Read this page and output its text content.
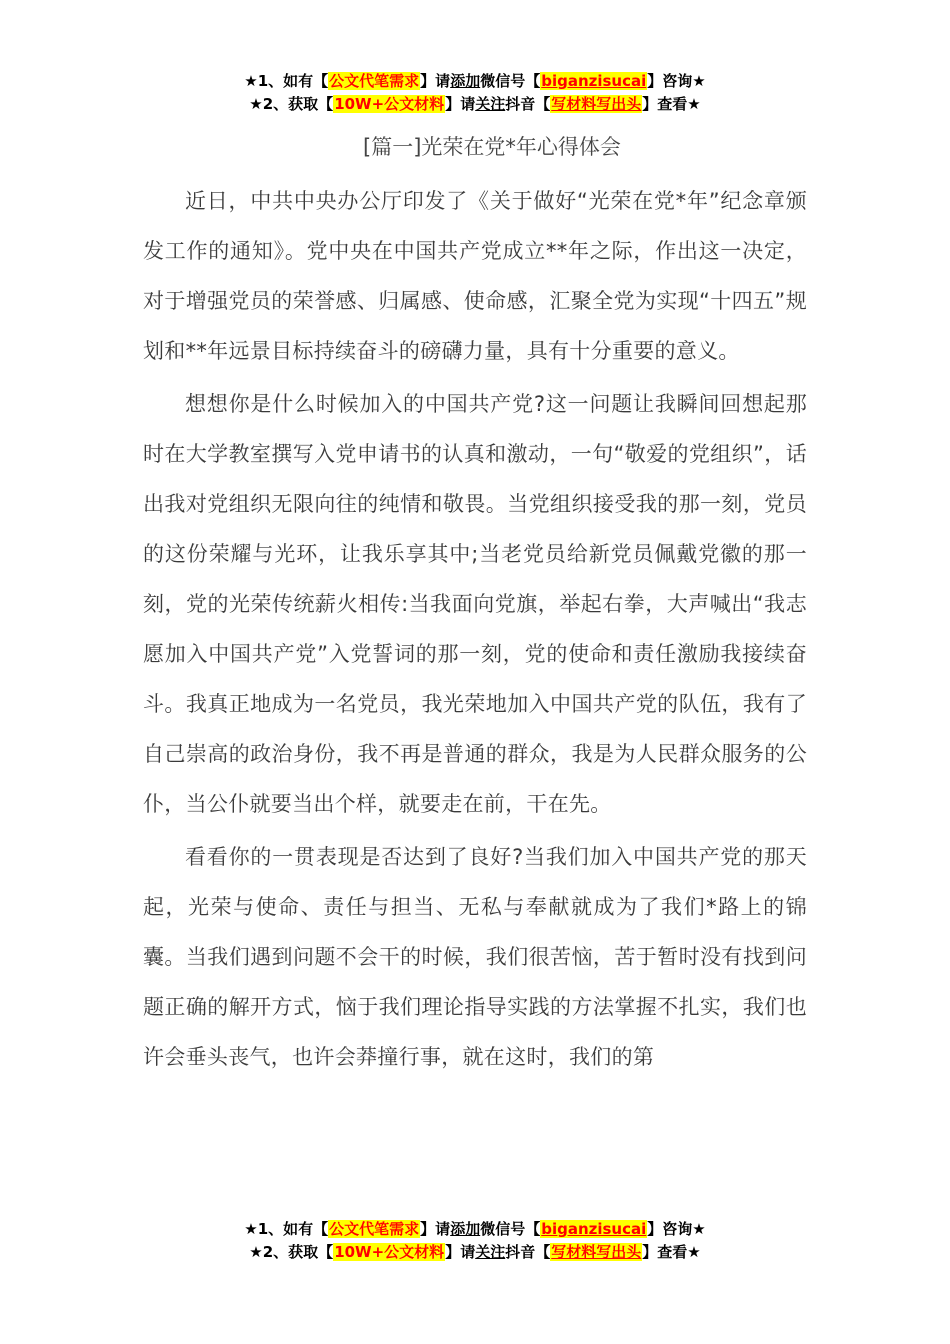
★1、如有【公文代笔需求】请添加微信号【biganzisucai】咨询★
★2、获取【10W+公文材料】请关注抖音【写材料写出头】查看★
[篇一]光荣在党*年心得体会

近日，中共中央办公厅印发了《关于做好“光荣在党*年”纪念章颁发工作的通知》。党中央在中国共产党成立**年之际，作出这一决定，对于增强党员的荣誉感、归属感、使命感，汇聚全党为实现“十四五”规划和**年远景目标持续奋斗的磅礴力量，具有十分重要的意义。

想想你是什么时候加入的中国共产党?这一问题让我瞬间回想起那时在大学教室撰写入党申请书的认真和激动，一句“敬爱的党组织”，话出我对党组织无限向往的纯情和敬畏。当党组织接受我的那一刻，党员的这份荣耀与光环，让我乐享其中;当老党员给新党员佩戴党徽的那一刻，党的光荣传统薪火相传:当我面向党旗，举起右拳，大声喊出“我志愿加入中国共产党”入党誓词的那一刻，党的使命和责任激励我接续奋斗。我真正地成为一名党员，我光荣地加入中国共产党的队伍，我有了自己崇高的政治身份，我不再是普通的群众，我是为人民群众服务的公仆，当公仆就要当出个样，就要走在前，干在先。

看看你的一贯表现是否达到了良好?当我们加入中国共产党的那天起，光荣与使命、责任与担当、无私与奉献就成为了我们*路上的锦囊。当我们遇到问题不会干的时候，我们很苦恼，苦于暂时没有找到问题正确的解开方式，恼于我们理论指导实践的方法掌握不扎实，我们也许会垂头丧气，也许会莽撞行事，就在这时，我们的第

★1、如有【公文代笔需求】请添加微信号【biganzisucai】咨询★
★2、获取【10W+公文材料】请关注抖音【写材料写出头】查看★
